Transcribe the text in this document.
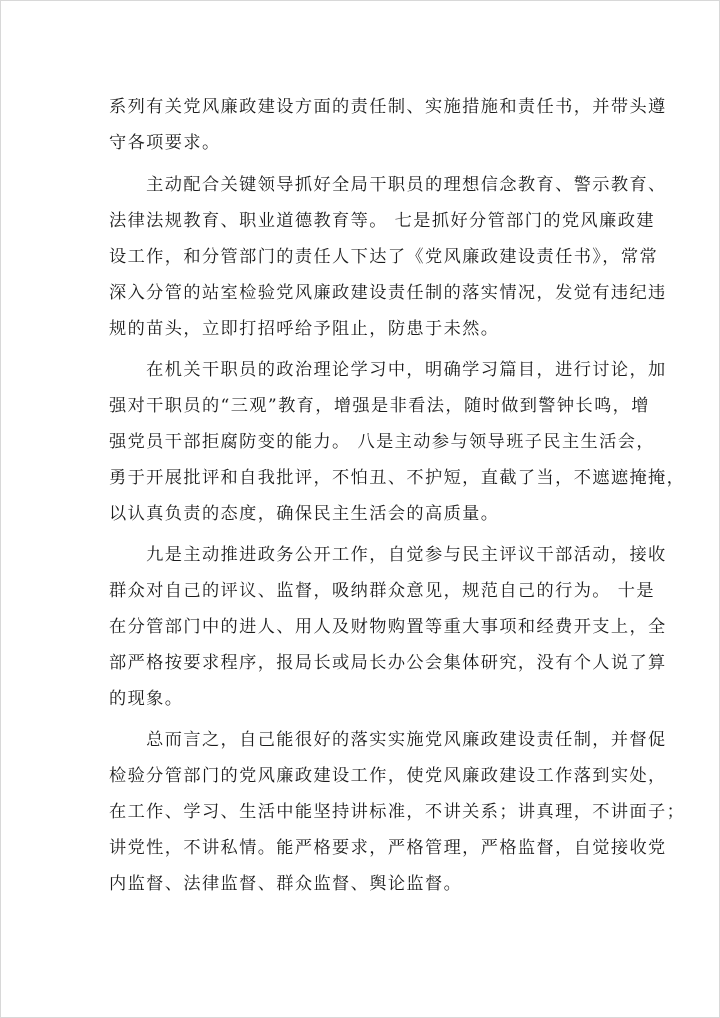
系列有关党风廉政建设方面的责任制、实施措施和责任书，并带头遵
守各项要求。
　　主动配合关键领导抓好全局干职员的理想信念教育、警示教育、
法律法规教育、职业道德教育等。 七是抓好分管部门的党风廉政建
设工作，和分管部门的责任人下达了《党风廉政建设责任书》，常常
深入分管的站室检验党风廉政建设责任制的落实情况，发觉有违纪违
规的苗头，立即打招呼给予阻止，防患于未然。
　　在机关干职员的政治理论学习中，明确学习篇目，进行讨论，加
强对干职员的“三观”教育，增强是非看法，随时做到警钟长鸣，增
强党员干部拒腐防变的能力。 八是主动参与领导班子民主生活会，
勇于开展批评和自我批评，不怕丑、不护短，直截了当，不遮遮掩掩，
以认真负责的态度，确保民主生活会的高质量。
　　九是主动推进政务公开工作，自觉参与民主评议干部活动，接收
群众对自己的评议、监督，吸纳群众意见，规范自己的行为。 十是
在分管部门中的进人、用人及财物购置等重大事项和经费开支上，全
部严格按要求程序，报局长或局长办公会集体研究，没有个人说了算
的现象。
　　总而言之，自己能很好的落实实施党风廉政建设责任制，并督促
检验分管部门的党风廉政建设工作，使党风廉政建设工作落到实处，
在工作、学习、生活中能坚持讲标准，不讲关系；讲真理，不讲面子；
讲党性，不讲私情。能严格要求，严格管理，严格监督，自觉接收党
内监督、法律监督、群众监督、舆论监督。
